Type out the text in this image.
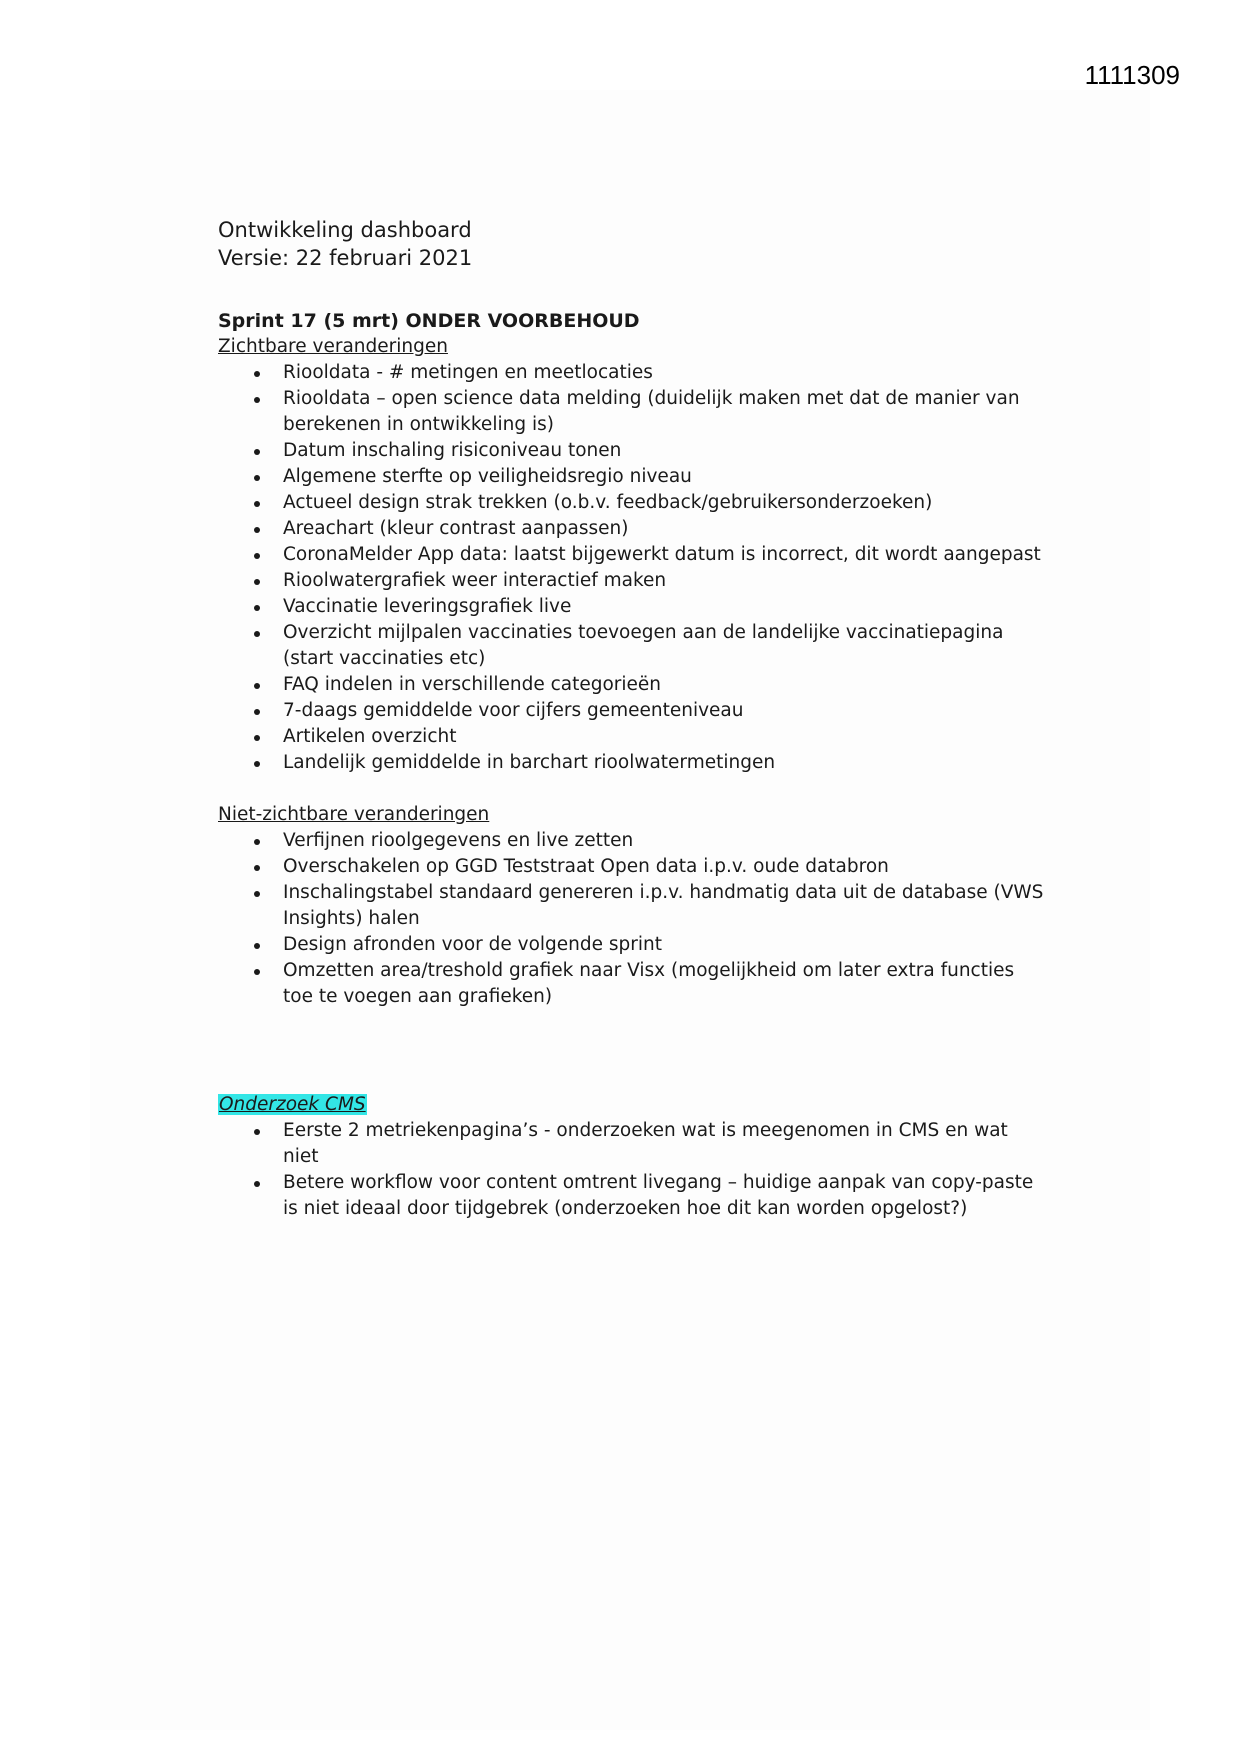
1111309

Ontwikkeling dashboard

Versie: 22 februari 2021

Sprint 17 (5 mrt) ONDER VOORBEHOUD

Zichtbare veranderingen

Riooldata - # metingen en meetlocaties
Riooldata – open science data melding (duidelijk maken met dat de manier van berekenen in ontwikkeling is)
Datum inschaling risiconiveau tonen
Algemene sterfte op veiligheidsregio niveau
Actueel design strak trekken (o.b.v. feedback/gebruikersonderzoeken)
Areachart (kleur contrast aanpassen)
CoronaMelder App data: laatst bijgewerkt datum is incorrect, dit wordt aangepast
Rioolwatergrafiek weer interactief maken
Vaccinatie leveringsgrafiek live
Overzicht mijlpalen vaccinaties toevoegen aan de landelijke vaccinatiepagina (start vaccinaties etc)
FAQ indelen in verschillende categorieën
7-daags gemiddelde voor cijfers gemeenteniveau
Artikelen overzicht
Landelijk gemiddelde in barchart rioolwatermetingen

Niet-zichtbare veranderingen

Verfijnen rioolgegevens en live zetten
Overschakelen op GGD Teststraat Open data i.p.v. oude databron
Inschalingstabel standaard genereren i.p.v. handmatig data uit de database (VWS Insights) halen
Design afronden voor de volgende sprint
Omzetten area/treshold grafiek naar Visx (mogelijkheid om later extra functies toe te voegen aan grafieken)

Onderzoek CMS

Eerste 2 metriekenpagina’s - onderzoeken wat is meegenomen in CMS en wat niet
Betere workflow voor content omtrent livegang – huidige aanpak van copy-paste is niet ideaal door tijdgebrek (onderzoeken hoe dit kan worden opgelost?)
